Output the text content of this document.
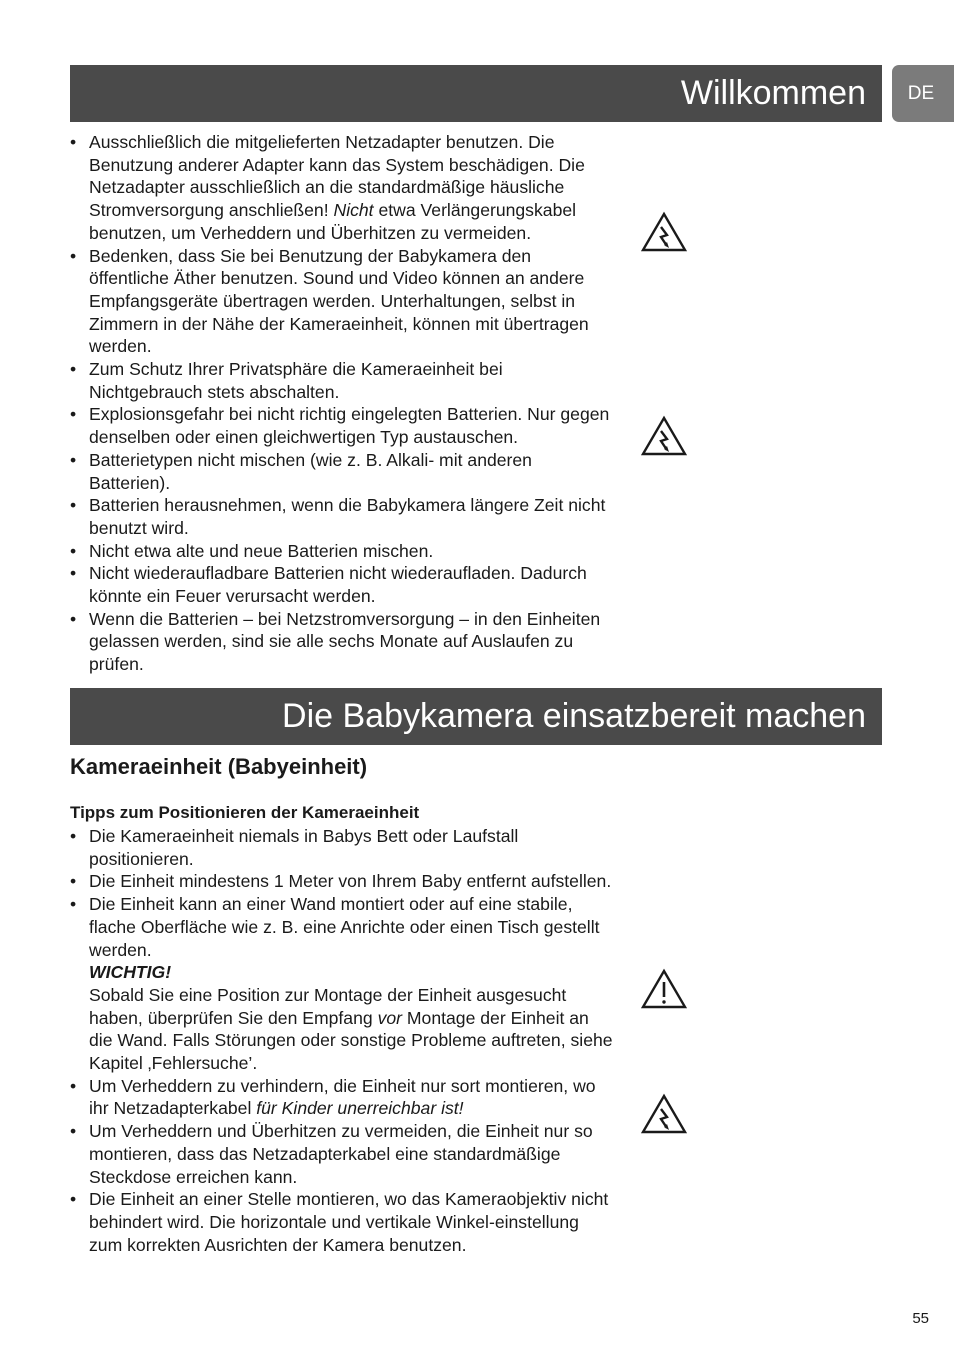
Willkommen	DE
• Ausschließlich die mitgelieferten Netzadapter benutzen. Die Benutzung anderer Adapter kann das System beschädigen. Die Netzadapter ausschließlich an die standardmäßige häusliche Stromversorgung anschließen! Nicht etwa Verlängerungskabel benutzen, um Verheddern und Überhitzen zu vermeiden.
• Bedenken, dass Sie bei Benutzung der Babykamera den öffentliche Äther benutzen. Sound und Video können an andere Empfangsgeräte übertragen werden. Unterhaltungen, selbst in Zimmern in der Nähe der Kameraeinheit, können mit übertragen werden.
• Zum Schutz Ihrer Privatsphäre die Kameraeinheit bei Nichtgebrauch stets abschalten.
• Explosionsgefahr bei nicht richtig eingelegten Batterien. Nur gegen denselben oder einen gleichwertigen Typ austauschen.
• Batterietypen nicht mischen (wie z. B. Alkali- mit anderen Batterien).
• Batterien herausnehmen, wenn die Babykamera längere Zeit nicht benutzt wird.
• Nicht etwa alte und neue Batterien mischen.
• Nicht wiederaufladbare Batterien nicht wiederaufladen. Dadurch könnte ein Feuer verursacht werden.
• Wenn die Batterien – bei Netzstromversorgung – in den Einheiten gelassen werden, sind sie alle sechs Monate auf Auslaufen zu prüfen.
Die Babykamera einsatzbereit machen
Kameraeinheit (Babyeinheit)
Tipps zum Positionieren der Kameraeinheit
• Die Kameraeinheit niemals in Babys Bett oder Laufstall positionieren.
• Die Einheit mindestens 1 Meter von Ihrem Baby entfernt aufstellen.
• Die Einheit kann an einer Wand montiert oder auf eine stabile, flache Oberfläche wie z. B. eine Anrichte oder einen Tisch gestellt werden.
WICHTIG!
Sobald Sie eine Position zur Montage der Einheit ausgesucht haben, überprüfen Sie den Empfang vor Montage der Einheit an die Wand. Falls Störungen oder sonstige Probleme auftreten, siehe Kapitel ‚Fehlersuche’.
• Um Verheddern zu verhindern, die Einheit nur sort montieren, wo ihr Netzadapterkabel für Kinder unerreichbar ist!
• Um Verheddern und Überhitzen zu vermeiden, die Einheit nur so montieren, dass das Netzadapterkabel eine standardmäßige Steckdose erreichen kann.
• Die Einheit an einer Stelle montieren, wo das Kameraobjektiv nicht behindert wird. Die horizontale und vertikale Winkel-einstellung zum korrekten Ausrichten der Kamera benutzen.
55
